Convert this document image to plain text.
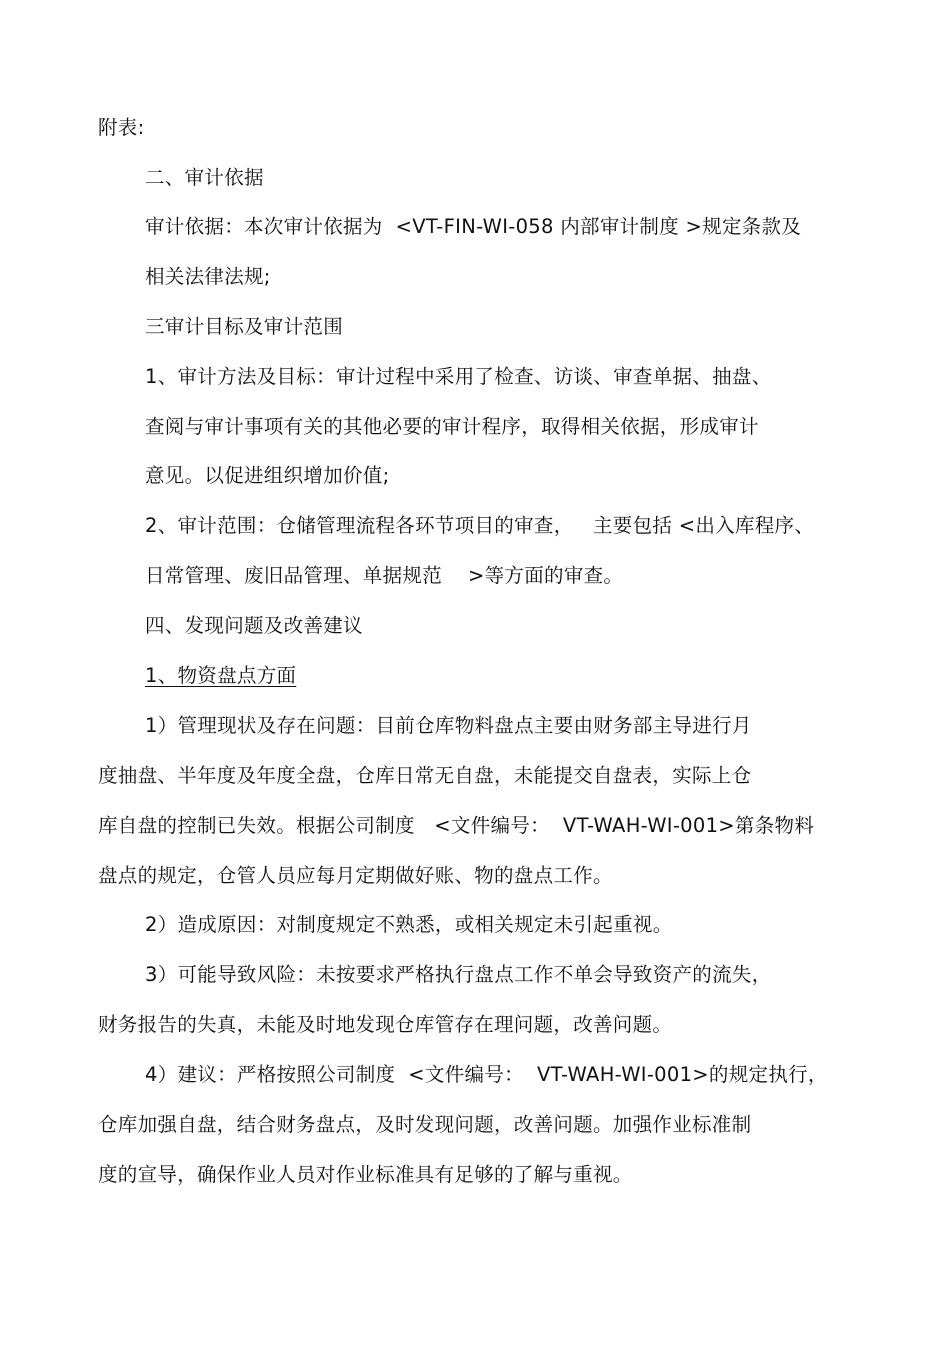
附表:
二、审计依据
审计依据：本次审计依据为  <VT-FIN-WI-058 内部审计制度 >规定条款及
相关法律法规;
三审计目标及审计范围
1、审计方法及目标：审计过程中采用了检查、访谈、审查单据、抽盘、
查阅与审计事项有关的其他必要的审计程序，取得相关依据，形成审计
意见。以促进组织增加价值;
2、审计范围：仓储管理流程各环节项目的审查，   主要包括 <出入库程序、
日常管理、废旧品管理、单据规范    >等方面的审查。
四、发现问题及改善建议
1、物资盘点方面
1）管理现状及存在问题：目前仓库物料盘点主要由财务部主导进行月
度抽盘、半年度及年度全盘，仓库日常无自盘，未能提交自盘表，实际上仓
库自盘的控制已失效。根据公司制度   <文件编号：  VT-WAH-WI-001>第条物料
盘点的规定，仓管人员应每月定期做好账、物的盘点工作。
2）造成原因：对制度规定不熟悉，或相关规定未引起重视。
3）可能导致风险：未按要求严格执行盘点工作不单会导致资产的流失，
财务报告的失真，未能及时地发现仓库管存在理问题，改善问题。
4）建议：严格按照公司制度  <文件编号：  VT-WAH-WI-001>的规定执行，
仓库加强自盘，结合财务盘点，及时发现问题，改善问题。加强作业标准制
度的宣导，确保作业人员对作业标准具有足够的了解与重视。
